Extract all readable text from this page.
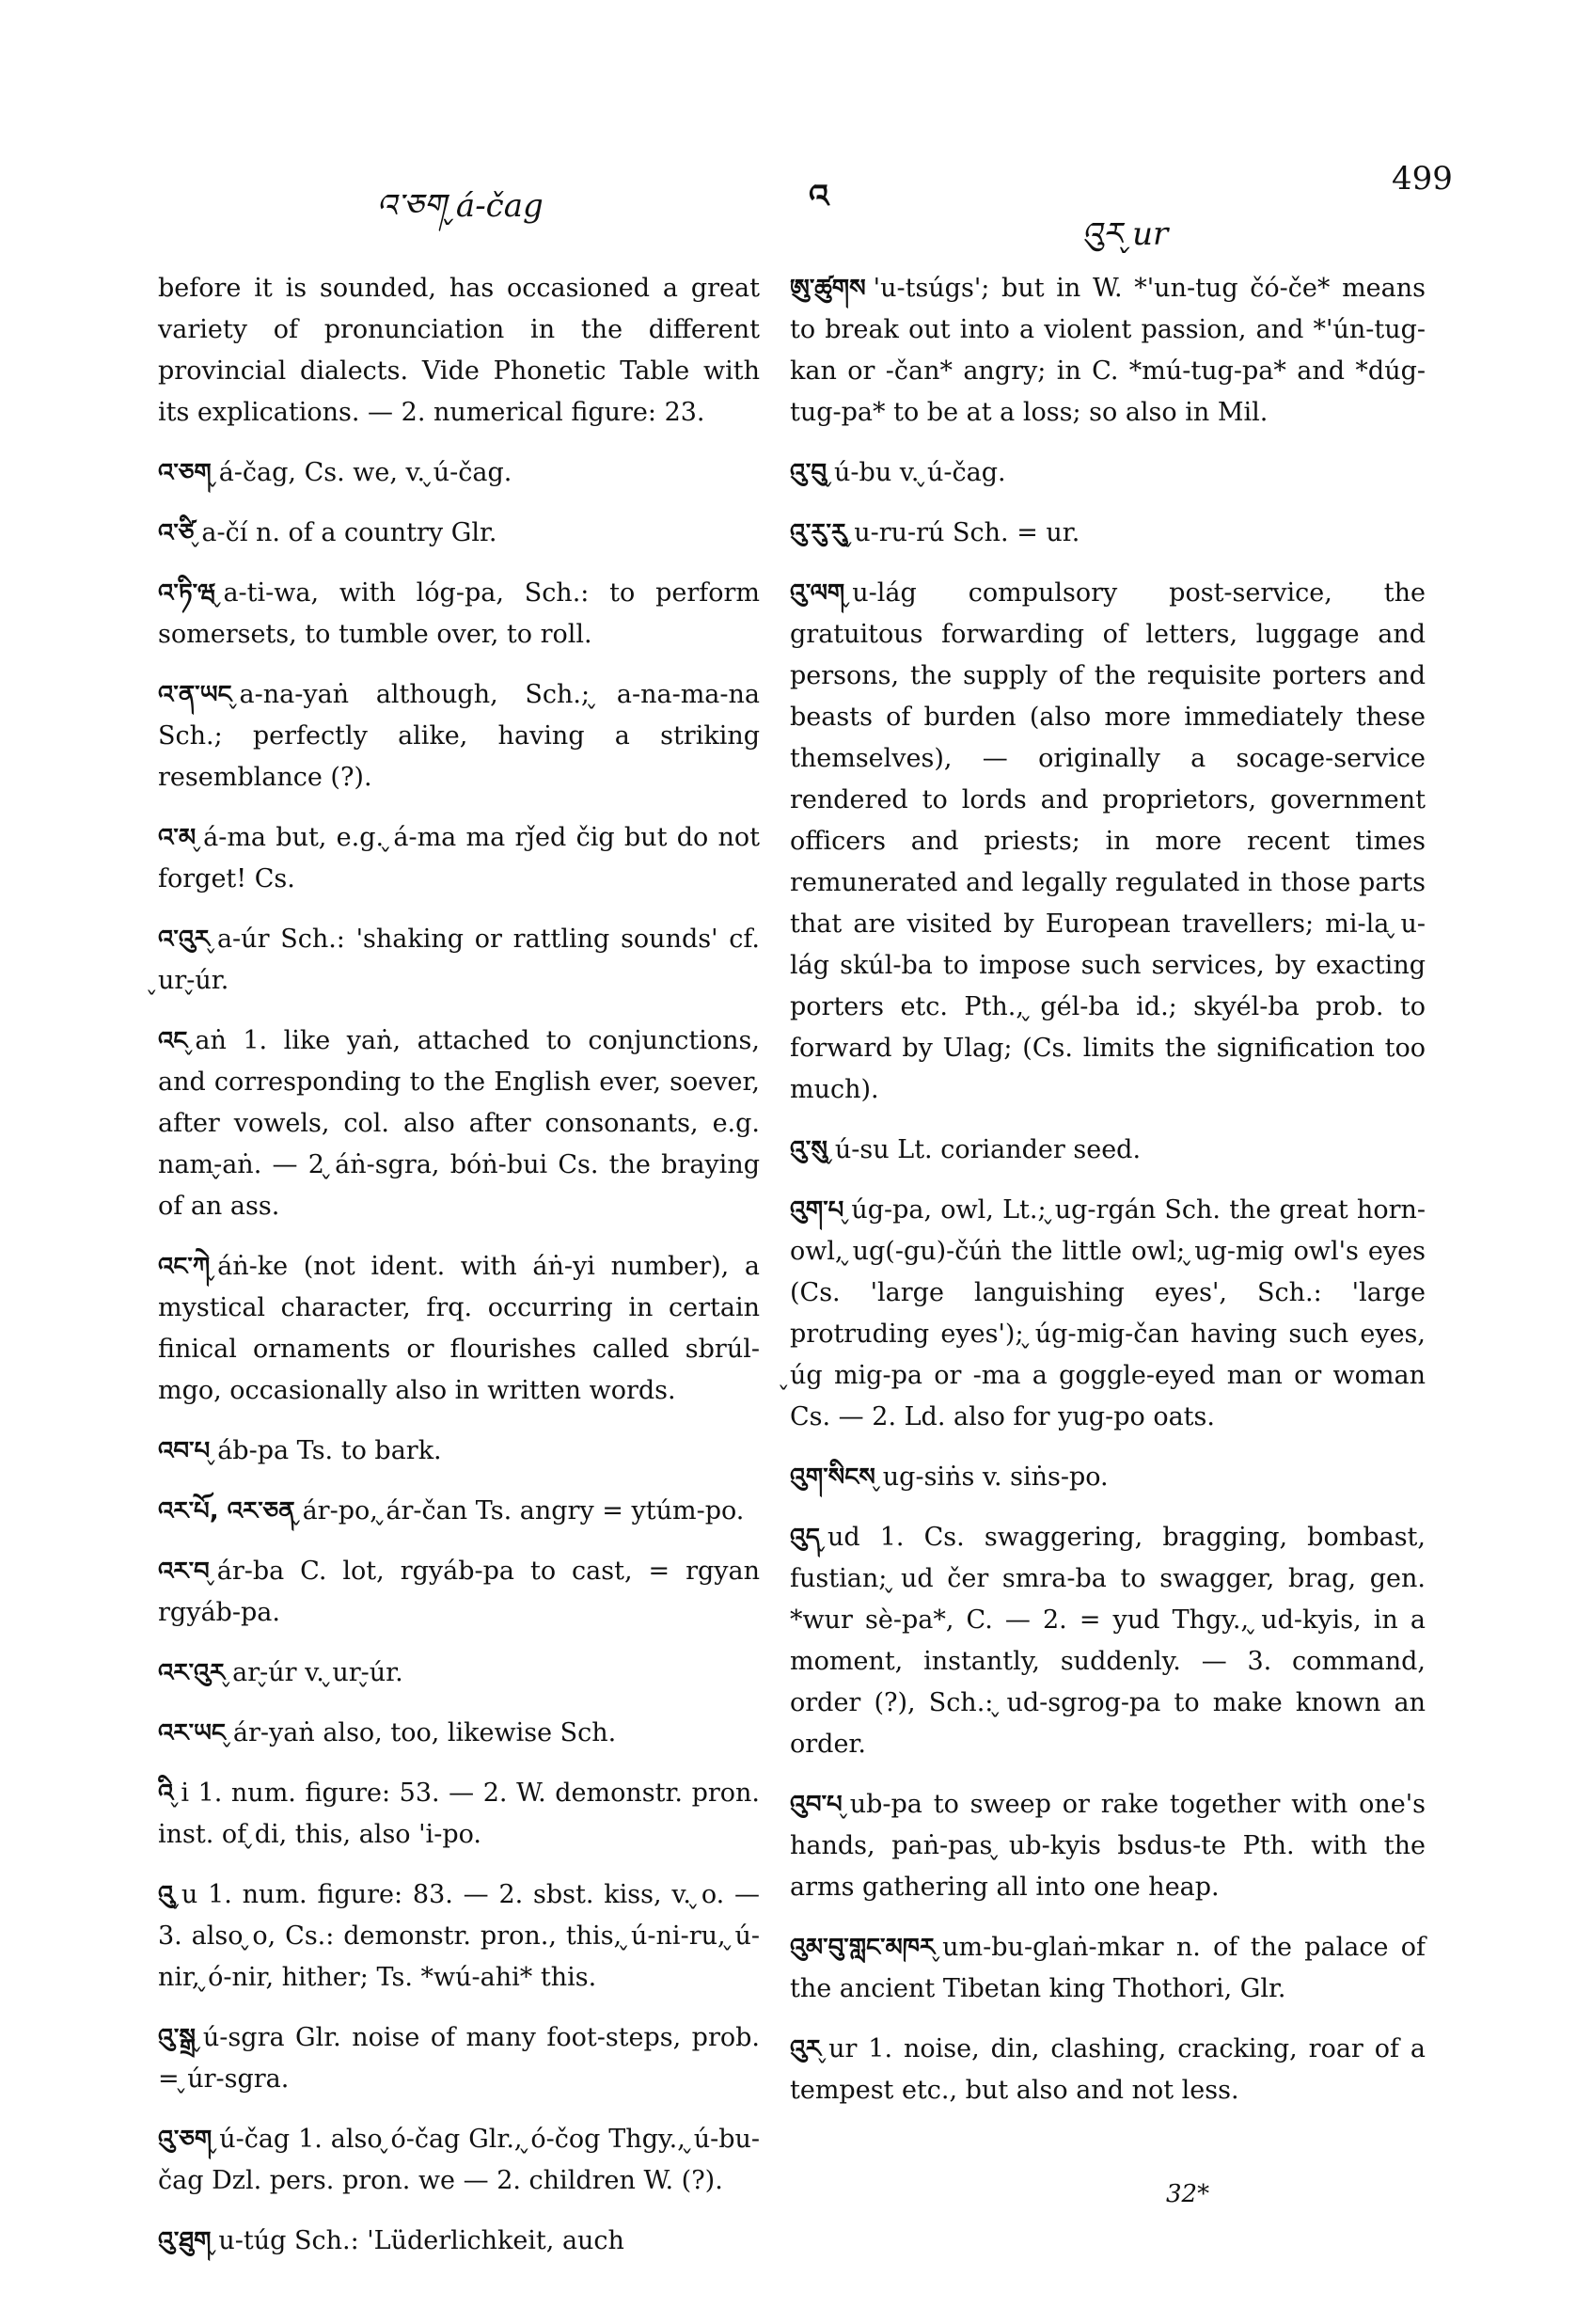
འ་ཅག ̬á-čag	འ
འུར ̬ur
499

before it is sounded, has occasioned a great variety of pronunciation in the different provincial dialects. Vide Phonetic Table with its explications. — 2. numerical figure: 23.

འ་ཅག ̬á-čag, Cs. we, v. ̬ú-čag.

འ་ཙི ̬a-čí n. of a country Glr.

འ་ཏི་ཝ ̬a-ti-wa, with lóg-pa, Sch.: to perform somersets, to tumble over, to roll.

འ་ན་ཡང ̬a-na-yaṅ although, Sch.; ̬a-na-ma-na Sch.; perfectly alike, having a striking resemblance (?).

འ་མ ̬á-ma but, e.g. ̬á-ma ma rǰed čig but do not forget! Cs.

འ་འུར ̬a-úr Sch.: 'shaking or rattling sounds' cf. ̬ur-̬úr.

འང ̬aṅ 1. like yaṅ, attached to conjunctions, and corresponding to the English ever, soever, after vowels, col. also after consonants, e.g. nam-̬aṅ. — 2 ̬áṅ-sgra, bóṅ-bui Cs. the braying of an ass.

འང་ཀེ ̬áṅ-ke (not ident. with áṅ-yi number), a mystical character, frq. occurring in certain finical ornaments or flourishes called sbrúl-mgo, occasionally also in written words.

འབ་པ ̬áb-pa Ts. to bark.

འར་པོ, འར་ཅན ̬ár-po, ̬ár-čan Ts. angry = ytúm-po.

འར་བ ̬ár-ba C. lot, rgyáb-pa to cast, = rgyan rgyáb-pa.

འར་འུར ̬ar-̬úr v. ̬ur-̬úr.

འར་ཡང ̬ár-yaṅ also, too, likewise Sch.

འི ̬i 1. num. figure: 53. — 2. W. demonstr. pron. inst. of ̬di, this, also 'i-po.

འུ ̬u 1. num. figure: 83. — 2. sbst. kiss, v. ̬o. — 3. also ̬o, Cs.: demonstr. pron., this, ̬ú-ni-ru, ̬ú-nir, ̬ó-nir, hither; Ts. *wú-ahi* this.

འུ་སྒྲ ̬ú-sgra Glr. noise of many foot-steps, prob. = ̬úr-sgra.

འུ་ཅག ̬ú-čag 1. also ̬ó-čag Glr., ̬ó-čog Thgy., ̬ú-bu-čag Dzl. pers. pron. we — 2. children W. (?).

འུ་ཐུག ̬u-túg Sch.: 'Lüderlichkeit, auch

ཨུ་ཚུགས 'u-tsúgs'; but in W. *'un-tug čó-če* means to break out into a violent passion, and *'ún-tug-kan or -čan* angry; in C. *mú-tug-pa* and *dúg-tug-pa* to be at a loss; so also in Mil.

འུ་བུ ̬ú-bu v. ̬ú-čag.

འུ་རུ་རུ ̬u-ru-rú Sch. = ur.

འུ་ལག ̬u-lág compulsory post-service, the gratuitous forwarding of letters, luggage and persons, the supply of the requisite porters and beasts of burden (also more immediately these themselves), — originally a socage-service rendered to lords and proprietors, government officers and priests; in more recent times remunerated and legally regulated in those parts that are visited by European travellers; mi-la ̬u-lág skúl-ba to impose such services, by exacting porters etc. Pth., ̬gél-ba id.; skyél-ba prob. to forward by Ulag; (Cs. limits the signification too much).

འུ་སུ ̬ú-su Lt. coriander seed.

འུག་པ ̬úg-pa, owl, Lt.; ̬ug-rgán Sch. the great horn-owl, ̬ug(-gu)-čúṅ the little owl; ̬ug-mig owl's eyes (Cs. 'large languishing eyes', Sch.: 'large protruding eyes'); ̬úg-mig-čan having such eyes, ̬úg mig-pa or -ma a goggle-eyed man or woman Cs. — 2. Ld. also for yug-po oats.

འུག་སིངས ̬ug-siṅs v. siṅs-po.

འུད ̬ud 1. Cs. swaggering, bragging, bombast, fustian; ̬ud čer smra-ba to swagger, brag, gen. *wur sè-pa*, C. — 2. = yud Thgy., ̬ud-kyis, in a moment, instantly, suddenly. — 3. command, order (?), Sch.: ̬ud-sgrog-pa to make known an order.

འུབ་པ ̬ub-pa to sweep or rake together with one's hands, paṅ-pas ̬ub-kyis bsdus-te Pth. with the arms gathering all into one heap.

འུམ་བུ་གླང་མཁར ̬um-bu-glaṅ-mkar n. of the palace of the ancient Tibetan king Thothori, Glr.

འུར ̬ur 1. noise, din, clashing, cracking, roar of a tempest etc., but also and not less.

32*
